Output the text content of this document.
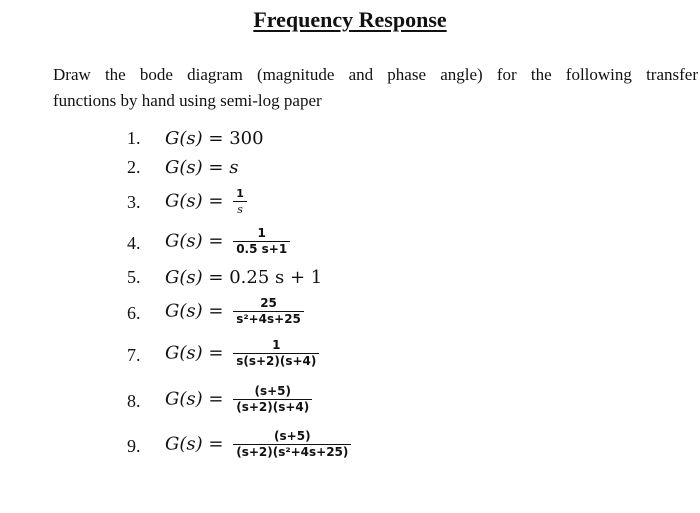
Frequency Response
Draw the bode diagram (magnitude and phase angle) for the following transfer
functions by hand using semi-log paper
1.	G(s) = 300
2.	G(s) = s
3.	$G(s) = \frac{1}{s}$
4.	$G(s) = \frac{1}{0.5 s+1}$
5.	G(s) = 0.25 s + 1
6.	$G(s) = \frac{25}{\text{s²+4s+25}}$
7.	$G(s) = \frac{1}{s(s+2)(s+4)}$
8.	$G(s) = \frac{(s+5)}{(s+2)(s+4)}$
9.	$G(s) = \frac{(s+5)}{\text{(s+2)(s²+4s+25)}}$
